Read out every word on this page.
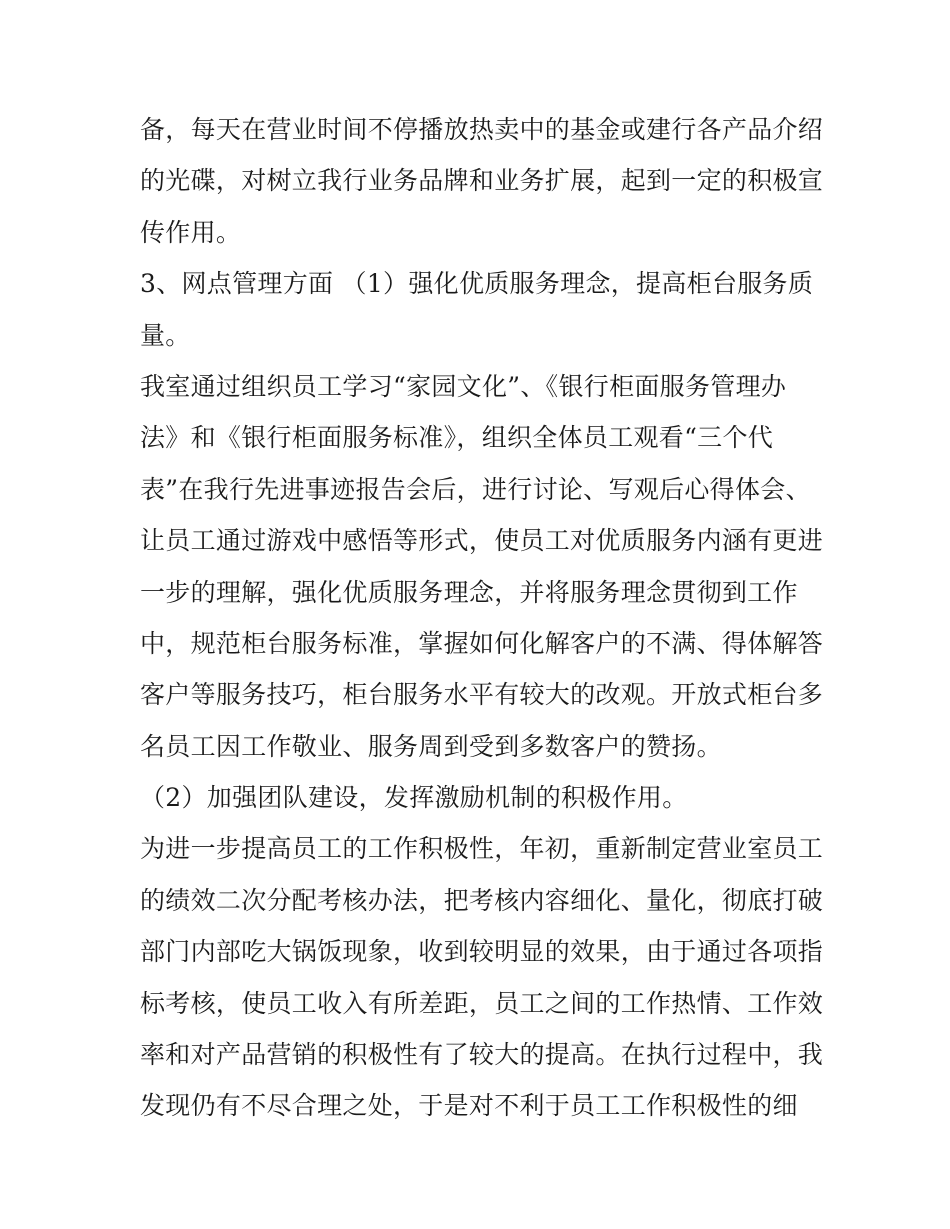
备，每天在营业时间不停播放热卖中的基金或建行各产品介绍
的光碟，对树立我行业务品牌和业务扩展，起到一定的积极宣
传作用。
3、网点管理方面 （1）强化优质服务理念，提高柜台服务质
量。
我室通过组织员工学习“家园文化”、《银行柜面服务管理办
法》和《银行柜面服务标准》，组织全体员工观看“三个代
表”在我行先进事迹报告会后，进行讨论、写观后心得体会、
让员工通过游戏中感悟等形式，使员工对优质服务内涵有更进
一步的理解，强化优质服务理念，并将服务理念贯彻到工作
中，规范柜台服务标准，掌握如何化解客户的不满、得体解答
客户等服务技巧，柜台服务水平有较大的改观。开放式柜台多
名员工因工作敬业、服务周到受到多数客户的赞扬。
（2）加强团队建设，发挥激励机制的积极作用。
为进一步提高员工的工作积极性，年初，重新制定营业室员工
的绩效二次分配考核办法，把考核内容细化、量化，彻底打破
部门内部吃大锅饭现象，收到较明显的效果，由于通过各项指
标考核，使员工收入有所差距，员工之间的工作热情、工作效
率和对产品营销的积极性有了较大的提高。在执行过程中，我
发现仍有不尽合理之处，于是对不利于员工工作积极性的细
